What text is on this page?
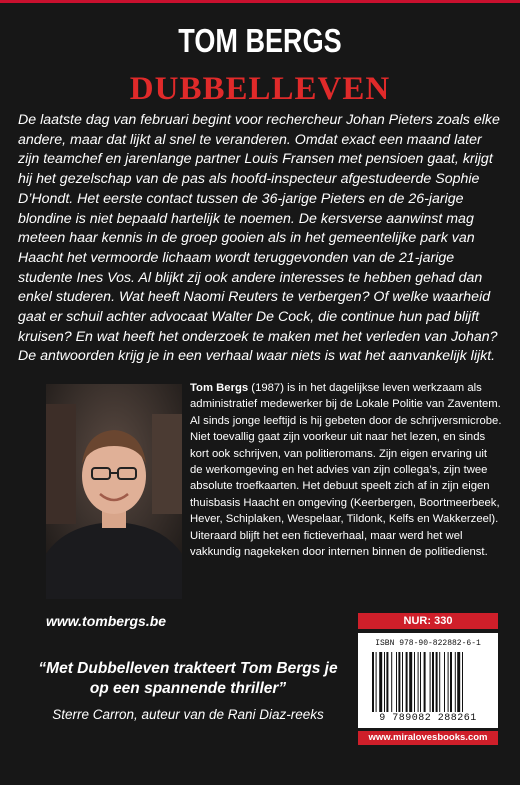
TOM BERGS
DUBBELLEVEN

De laatste dag van februari begint voor rechercheur Johan Pieters zoals elke andere, maar dat lijkt al snel te veranderen. Omdat exact een maand later zijn teamchef en jarenlange partner Louis Fransen met pensioen gaat, krijgt hij het gezelschap van de pas als hoofd-inspecteur afgestudeerde Sophie D’Hondt. Het eerste contact tussen de 36-jarige Pieters en de 26-jarige blondine is niet bepaald hartelijk te noemen. De kersverse aanwinst mag meteen haar kennis in de groep gooien als in het gemeentelijke park van Haacht het vermoorde lichaam wordt teruggevonden van de 21-jarige studente Ines Vos. Al blijkt zij ook andere interesses te hebben gehad dan enkel studeren. Wat heeft Naomi Reuters te verbergen? Of welke waarheid gaat er schuil achter advocaat Walter De Cock, die continue hun pad blijft kruisen? En wat heeft het onderzoek te maken met het verleden van Johan? De antwoorden krijg je in een verhaal waar niets is wat het aanvankelijk lijkt.

www.tombergs.be

Tom Bergs (1987) is in het dagelijkse leven werkzaam als administratief medewerker bij de Lokale Politie van Zaventem. Al sinds jonge leeftijd is hij gebeten door de schrijversmicrobe. Niet toevallig gaat zijn voorkeur uit naar het lezen, en sinds kort ook schrijven, van politieromans. Zijn eigen ervaring uit de werkomgeving en het advies van zijn collega’s, zijn twee absolute troefkaarten. Het debuut speelt zich af in zijn eigen thuisbasis Haacht en omgeving (Keerbergen, Boortmeerbeek, Hever, Schiplaken, Wespelaar, Tildonk, Kelfs en Wakkerzeel). Uiteraard blijft het een fictieverhaal, maar werd het wel vakkundig nagekeken door internen binnen de politiedienst.

“Met Dubbelleven trakteert Tom Bergs je op een spannende thriller”
Sterre Carron, auteur van de Rani Diaz-reeks
NUR: 330
ISBN 978-90-822882-6-1
9 789082 288261
www.miralovesbooks.com
